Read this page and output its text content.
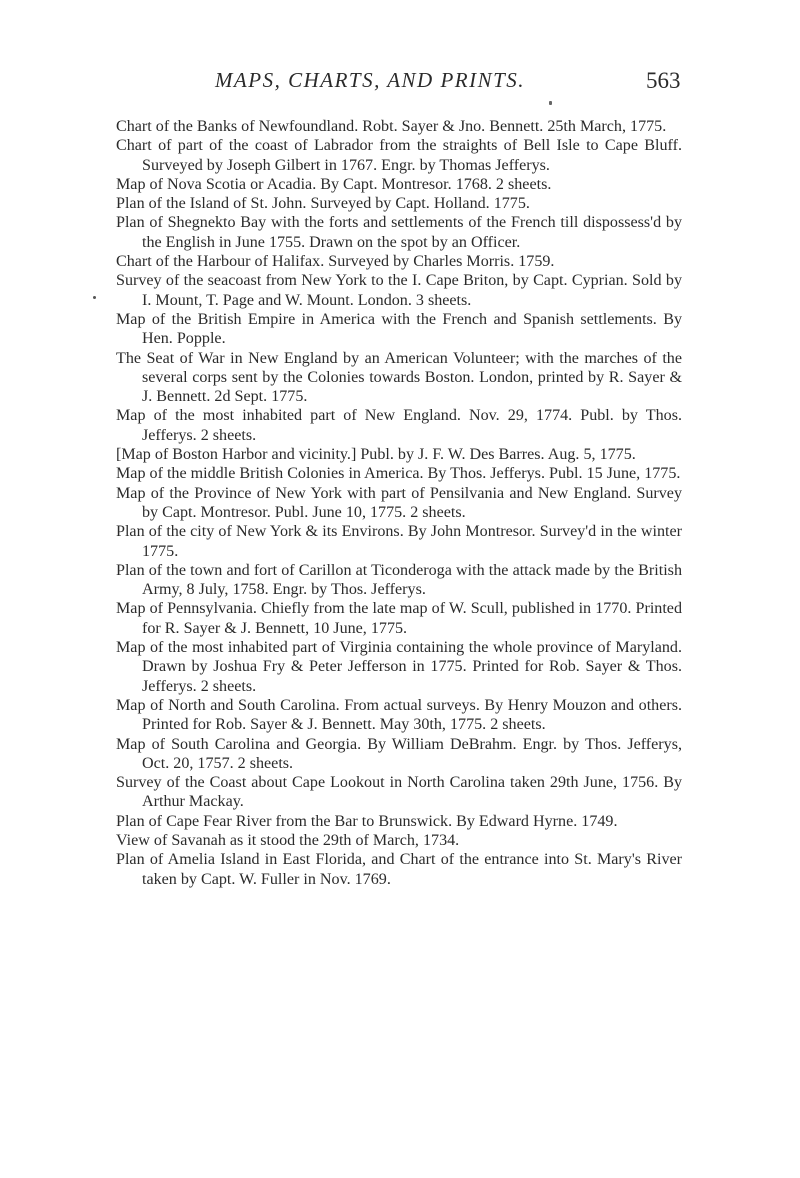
MAPS, CHARTS, AND PRINTS.	563
Chart of the Banks of Newfoundland. Robt. Sayer & Jno. Bennett. 25th March, 1775.
Chart of part of the coast of Labrador from the straights of Bell Isle to Cape Bluff. Surveyed by Joseph Gilbert in 1767. Engr. by Thomas Jefferys.
Map of Nova Scotia or Acadia. By Capt. Montresor. 1768. 2 sheets.
Plan of the Island of St. John. Surveyed by Capt. Holland. 1775.
Plan of Shegnekto Bay with the forts and settlements of the French till dispossess'd by the English in June 1755. Drawn on the spot by an Officer.
Chart of the Harbour of Halifax. Surveyed by Charles Morris. 1759.
Survey of the seacoast from New York to the I. Cape Briton, by Capt. Cyprian. Sold by I. Mount, T. Page and W. Mount. London. 3 sheets.
Map of the British Empire in America with the French and Spanish settlements. By Hen. Popple.
The Seat of War in New England by an American Volunteer; with the marches of the several corps sent by the Colonies towards Boston. London, printed by R. Sayer & J. Bennett. 2d Sept. 1775.
Map of the most inhabited part of New England. Nov. 29, 1774. Publ. by Thos. Jefferys. 2 sheets.
[Map of Boston Harbor and vicinity.] Publ. by J. F. W. Des Barres. Aug. 5, 1775.
Map of the middle British Colonies in America. By Thos. Jefferys. Publ. 15 June, 1775.
Map of the Province of New York with part of Pensilvania and New England. Survey by Capt. Montresor. Publ. June 10, 1775. 2 sheets.
Plan of the city of New York & its Environs. By John Montresor. Survey'd in the winter 1775.
Plan of the town and fort of Carillon at Ticonderoga with the attack made by the British Army, 8 July, 1758. Engr. by Thos. Jefferys.
Map of Pennsylvania. Chiefly from the late map of W. Scull, published in 1770. Printed for R. Sayer & J. Bennett, 10 June, 1775.
Map of the most inhabited part of Virginia containing the whole province of Maryland. Drawn by Joshua Fry & Peter Jefferson in 1775. Printed for Rob. Sayer & Thos. Jefferys. 2 sheets.
Map of North and South Carolina. From actual surveys. By Henry Mouzon and others. Printed for Rob. Sayer & J. Bennett. May 30th, 1775. 2 sheets.
Map of South Carolina and Georgia. By William DeBrahm. Engr. by Thos. Jefferys, Oct. 20, 1757. 2 sheets.
Survey of the Coast about Cape Lookout in North Carolina taken 29th June, 1756. By Arthur Mackay.
Plan of Cape Fear River from the Bar to Brunswick. By Edward Hyrne. 1749.
View of Savanah as it stood the 29th of March, 1734.
Plan of Amelia Island in East Florida, and Chart of the entrance into St. Mary's River taken by Capt. W. Fuller in Nov. 1769.
